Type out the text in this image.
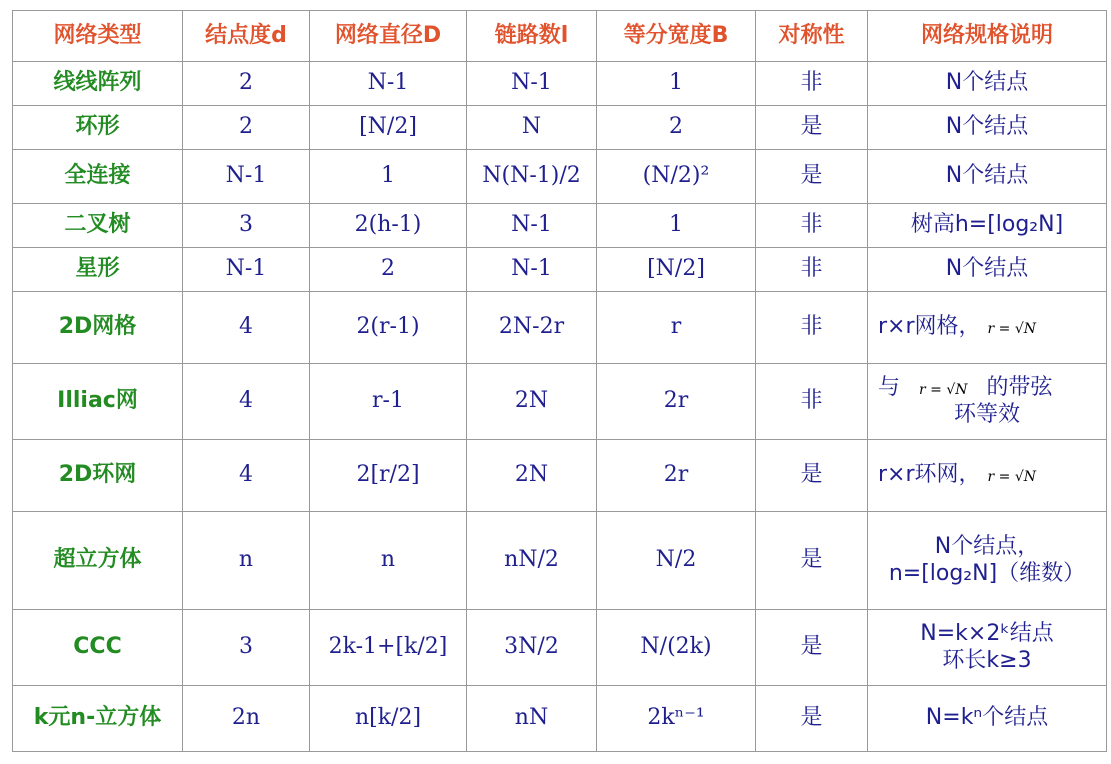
网络类型	结点度d	网络直径D	链路数l	等分宽度B	对称性	网络规格说明
线线阵列	2	N-1	N-1	1	非	N个结点
环形	2	[N/2]	N	2	是	N个结点
全连接	N-1	1	N(N-1)/2	(N/2)²	是	N个结点
二叉树	3	2(h-1)	N-1	1	非	树高h=[log₂N]
星形	N-1	2	N-1	[N/2]	非	N个结点
2D网格	4	2(r-1)	2N-2r	r	非	r×r网格， r = √N
Illiac网	4	r-1	2N	2r	非	与 r = √N 的带弦
环等效

2D环网	4	2[r/2]	2N	2r	是	r×r环网， r = √N
超立方体	n	n	nN/2	N/2	是	N个结点，
n=[log₂N]（维数）

CCC	3	2k-1+[k/2]	3N/2	N/(2k)	是	N=k×2ᵏ结点
环长k≥3

k元n-立方体	2n	n[k/2]	nN	2kⁿ⁻¹	是	N=kⁿ个结点
